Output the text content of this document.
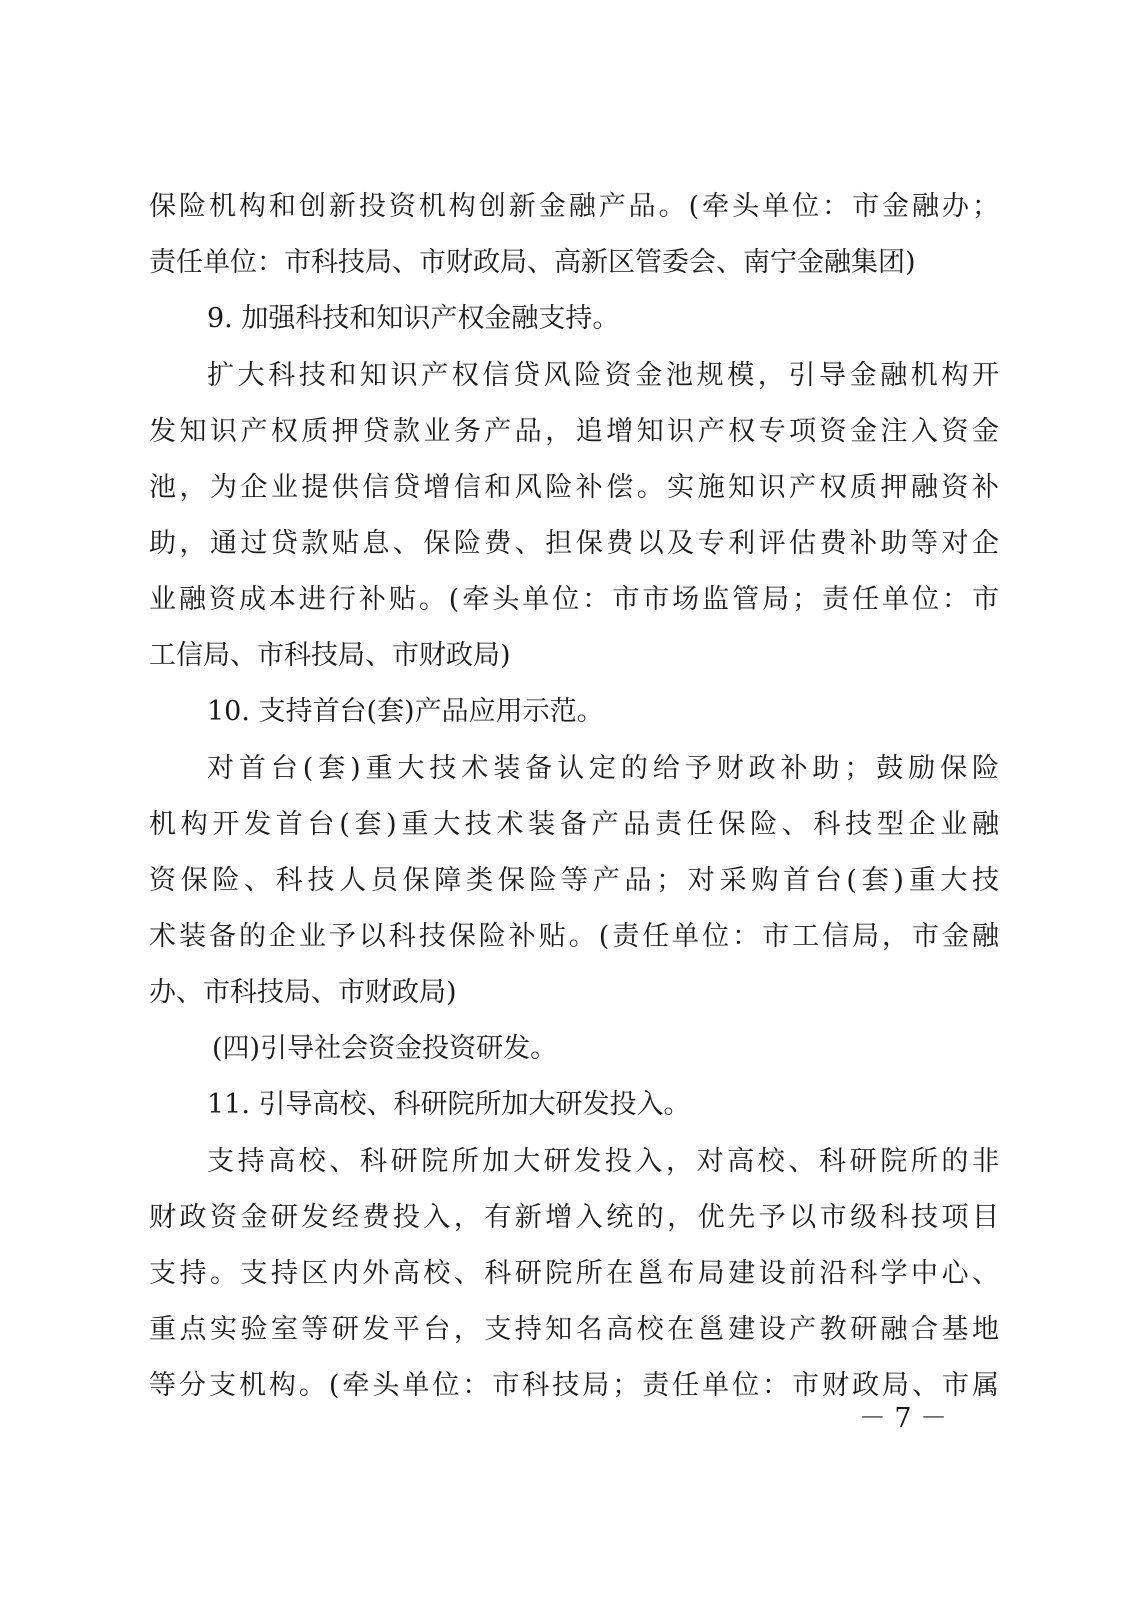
保险机构和创新投资机构创新金融产品。(牵头单位：市金融办；
责任单位：市科技局、市财政局、高新区管委会、南宁金融集团)
9. 加强科技和知识产权金融支持。
扩大科技和知识产权信贷风险资金池规模，引导金融机构开
发知识产权质押贷款业务产品，追增知识产权专项资金注入资金
池，为企业提供信贷增信和风险补偿。实施知识产权质押融资补
助，通过贷款贴息、保险费、担保费以及专利评估费补助等对企
业融资成本进行补贴。(牵头单位：市市场监管局；责任单位：市
工信局、市科技局、市财政局)
10. 支持首台(套)产品应用示范。
对首台(套)重大技术装备认定的给予财政补助；鼓励保险
机构开发首台(套)重大技术装备产品责任保险、科技型企业融
资保险、科技人员保障类保险等产品；对采购首台(套)重大技
术装备的企业予以科技保险补贴。(责任单位：市工信局，市金融
办、市科技局、市财政局)
(四)引导社会资金投资研发。
11. 引导高校、科研院所加大研发投入。
支持高校、科研院所加大研发投入，对高校、科研院所的非
财政资金研发经费投入，有新增入统的，优先予以市级科技项目
支持。支持区内外高校、科研院所在邕布局建设前沿科学中心、
重点实验室等研发平台，支持知名高校在邕建设产教研融合基地
等分支机构。(牵头单位：市科技局；责任单位：市财政局、市属
－ 7 －
